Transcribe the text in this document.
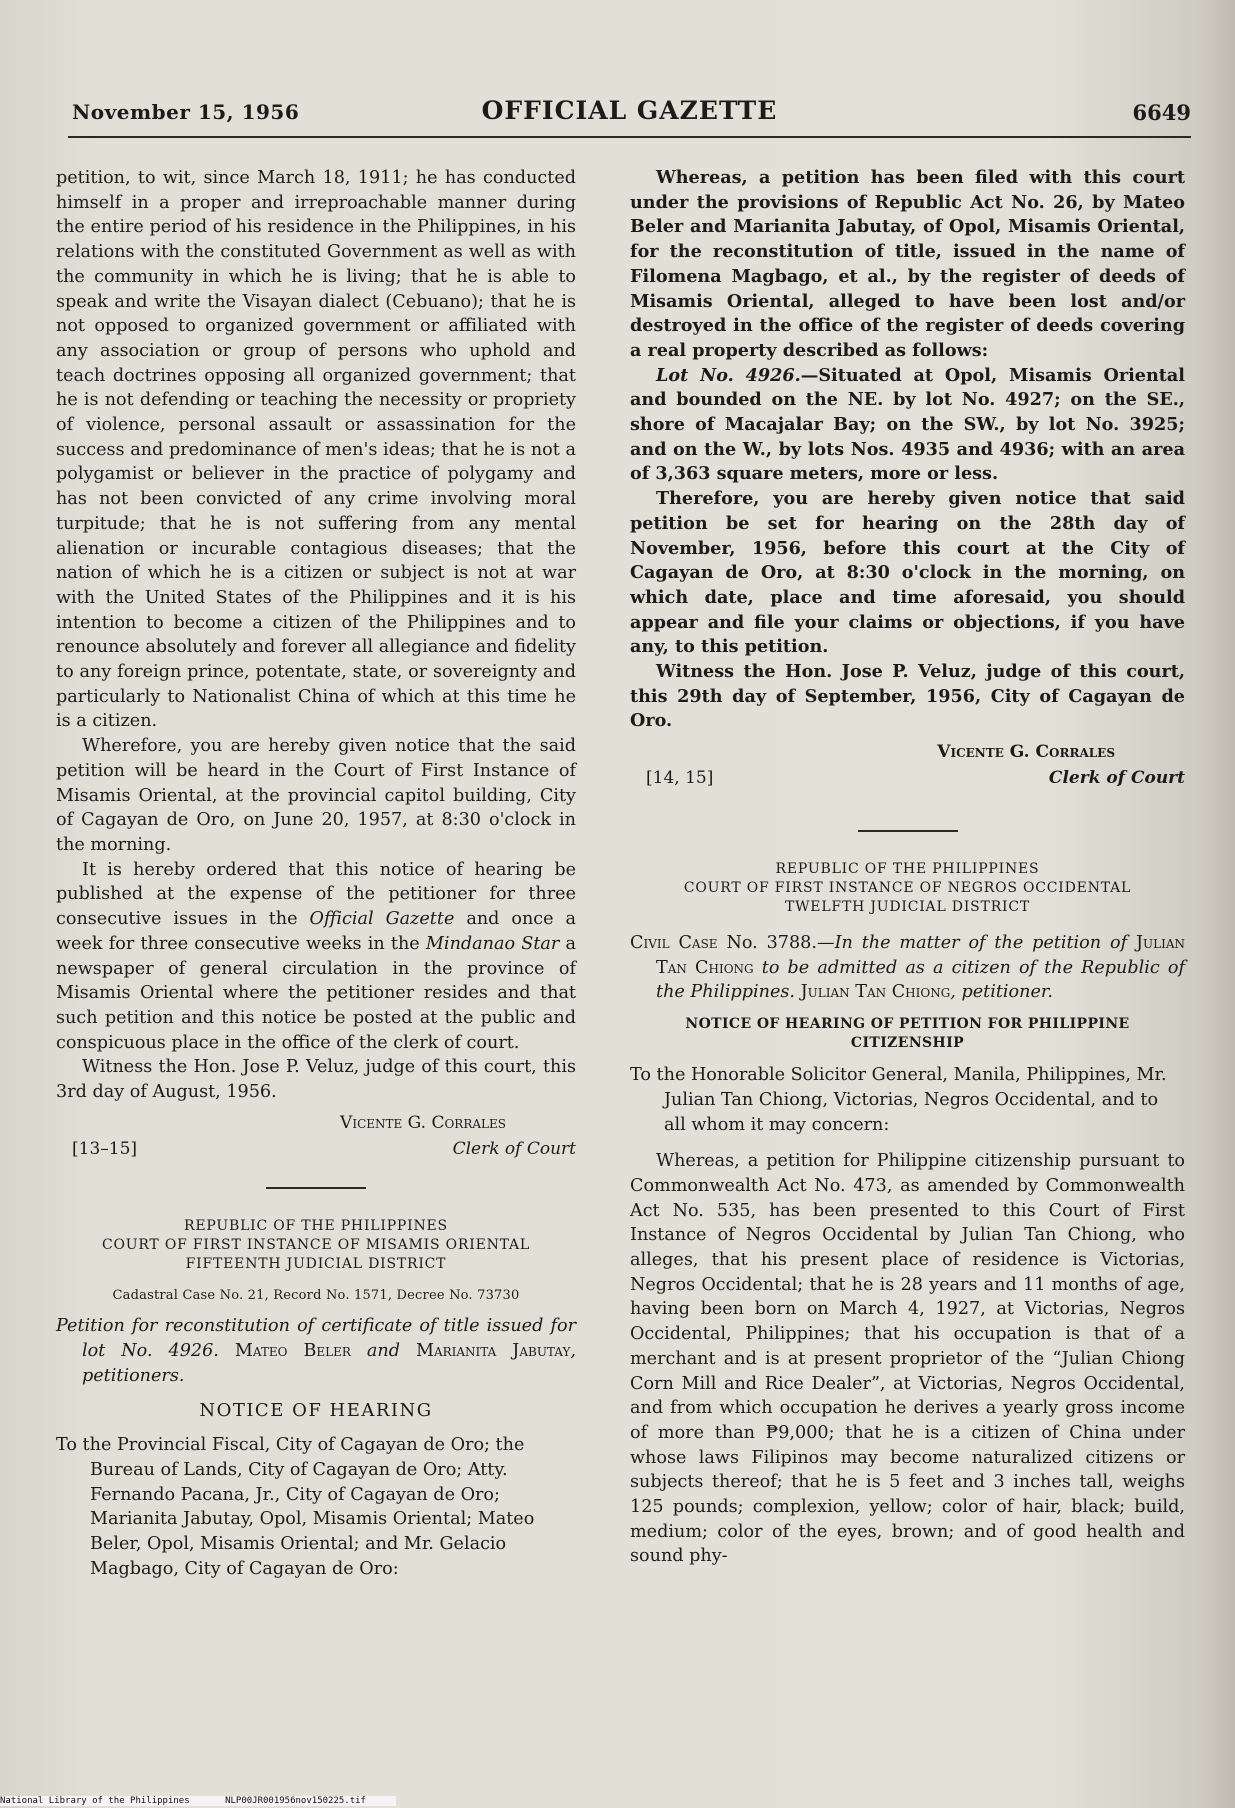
November 15, 1956	OFFICIAL GAZETTE	6649

petition, to wit, since March 18, 1911; he has conducted himself in a proper and irreproachable manner during the entire period of his residence in the Philippines, in his relations with the constituted Government as well as with the community in which he is living; that he is able to speak and write the Visayan dialect (Cebuano); that he is not opposed to organized government or affiliated with any association or group of persons who uphold and teach doctrines opposing all organized government; that he is not defending or teaching the necessity or propriety of violence, personal assault or assassination for the success and predominance of men's ideas; that he is not a polygamist or believer in the practice of polygamy and has not been convicted of any crime involving moral turpitude; that he is not suffering from any mental alienation or incurable contagious diseases; that the nation of which he is a citizen or subject is not at war with the United States of the Philippines and it is his intention to become a citizen of the Philippines and to renounce absolutely and forever all allegiance and fidelity to any foreign prince, potentate, state, or sovereignty and particularly to Nationalist China of which at this time he is a citizen.

Wherefore, you are hereby given notice that the said petition will be heard in the Court of First Instance of Misamis Oriental, at the provincial capitol building, City of Cagayan de Oro, on June 20, 1957, at 8:30 o'clock in the morning.

It is hereby ordered that this notice of hearing be published at the expense of the petitioner for three consecutive issues in the Official Gazette and once a week for three consecutive weeks in the Mindanao Star a newspaper of general circulation in the province of Misamis Oriental where the petitioner resides and that such petition and this notice be posted at the public and conspicuous place in the office of the clerk of court.

Witness the Hon. Jose P. Veluz, judge of this court, this 3rd day of August, 1956.

Vicente G. Corrales
[13–15]	Clerk of Court
REPUBLIC OF THE PHILIPPINES
COURT OF FIRST INSTANCE OF MISAMIS ORIENTAL
FIFTEENTH JUDICIAL DISTRICT
Cadastral Case No. 21, Record No. 1571, Decree No. 73730

Petition for reconstitution of certificate of title issued for lot No. 4926. Mateo Beler and Marianita Jabutay, petitioners.

NOTICE OF HEARING

To the Provincial Fiscal, City of Cagayan de Oro; the Bureau of Lands, City of Cagayan de Oro; Atty. Fernando Pacana, Jr., City of Cagayan de Oro; Marianita Jabutay, Opol, Misamis Oriental; Mateo Beler, Opol, Misamis Oriental; and Mr. Gelacio Magbago, City of Cagayan de Oro:

Whereas, a petition has been filed with this court under the provisions of Republic Act No. 26, by Mateo Beler and Marianita Jabutay, of Opol, Misamis Oriental, for the reconstitution of title, issued in the name of Filomena Magbago, et al., by the register of deeds of Misamis Oriental, alleged to have been lost and/or destroyed in the office of the register of deeds covering a real property described as follows:

Lot No. 4926.—Situated at Opol, Misamis Oriental and bounded on the NE. by lot No. 4927; on the SE., shore of Macajalar Bay; on the SW., by lot No. 3925; and on the W., by lots Nos. 4935 and 4936; with an area of 3,363 square meters, more or less.

Therefore, you are hereby given notice that said petition be set for hearing on the 28th day of November, 1956, before this court at the City of Cagayan de Oro, at 8:30 o'clock in the morning, on which date, place and time aforesaid, you should appear and file your claims or objections, if you have any, to this petition.

Witness the Hon. Jose P. Veluz, judge of this court, this 29th day of September, 1956, City of Cagayan de Oro.

Vicente G. Corrales
[14, 15]	Clerk of Court
REPUBLIC OF THE PHILIPPINES
COURT OF FIRST INSTANCE OF NEGROS OCCIDENTAL
TWELFTH JUDICIAL DISTRICT

Civil Case No. 3788.—In the matter of the petition of Julian Tan Chiong to be admitted as a citizen of the Republic of the Philippines. Julian Tan Chiong, petitioner.

NOTICE OF HEARING OF PETITION FOR PHILIPPINE CITIZENSHIP

To the Honorable Solicitor General, Manila, Philippines, Mr. Julian Tan Chiong, Victorias, Negros Occidental, and to all whom it may concern:

Whereas, a petition for Philippine citizenship pursuant to Commonwealth Act No. 473, as amended by Commonwealth Act No. 535, has been presented to this Court of First Instance of Negros Occidental by Julian Tan Chiong, who alleges, that his present place of residence is Victorias, Negros Occidental; that he is 28 years and 11 months of age, having been born on March 4, 1927, at Victorias, Negros Occidental, Philippines; that his occupation is that of a merchant and is at present proprietor of the “Julian Chiong Corn Mill and Rice Dealer”, at Victorias, Negros Occidental, and from which occupation he derives a yearly gross income of more than ₱9,000; that he is a citizen of China under whose laws Filipinos may become naturalized citizens or subjects thereof; that he is 5 feet and 3 inches tall, weighs 125 pounds; complexion, yellow; color of hair, black; build, medium; color of the eyes, brown; and of good health and sound phy-

National Library of the Philippines	NLP00JR001956nov150225.tif
